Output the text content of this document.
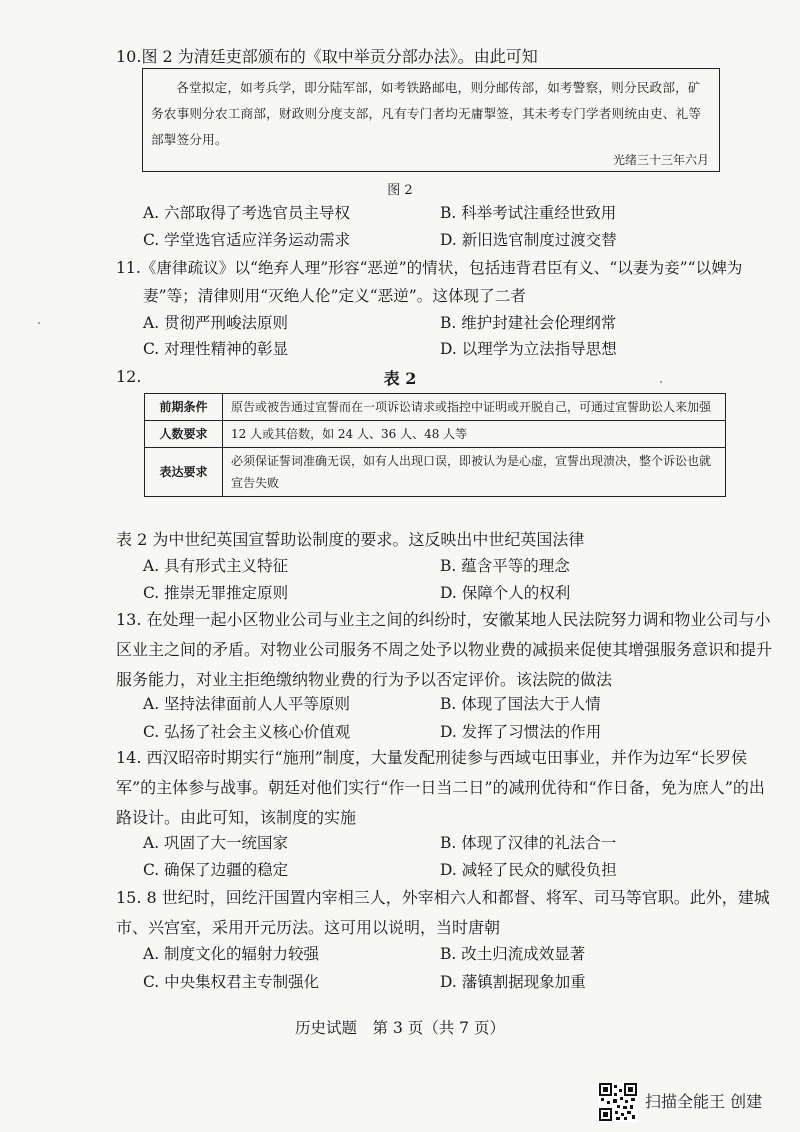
10.图 2 为清廷吏部颁布的《取中举贡分部办法》。由此可知
各堂拟定，如考兵学，即分陆军部，如考铁路邮电，则分邮传部，如考警察，则分民政部，矿务农事则分农工商部，财政则分度支部，凡有专门者均无庸掣签，其未考专门学者则统由吏、礼等部掣签分用。
光绪三十三年六月
图 2
A. 六部取得了考选官员主导权	B. 科举考试注重经世致用
C. 学堂选官适应洋务运动需求	D. 新旧选官制度过渡交替
11.《唐律疏议》以“绝弃人理”形容“恶逆”的情状，包括违背君臣有义、“以妻为妾”“以婢为
妻”等；清律则用“灭绝人伦”定义“恶逆”。这体现了二者
A. 贯彻严刑峻法原则	B. 维护封建社会伦理纲常
C. 对理性精神的彰显	D. 以理学为立法指导思想
12.	表 2
前期条件	原告或被告通过宣誓而在一项诉讼请求或指控中证明或开脱自己，可通过宣誓助讼人来加强
人数要求	12 人或其倍数，如 24 人、36 人、48 人等
表达要求	必须保证誓词准确无误，如有人出现口误，即被认为是心虚，宣誓出现溃决，整个诉讼也就宣告失败
表 2 为中世纪英国宣誓助讼制度的要求。这反映出中世纪英国法律
A. 具有形式主义特征	B. 蕴含平等的理念
C. 推崇无罪推定原则	D. 保障个人的权利
13. 在处理一起小区物业公司与业主之间的纠纷时，安徽某地人民法院努力调和物业公司与小区业主之间的矛盾。对物业公司服务不周之处予以物业费的减损来促使其增强服务意识和提升服务能力，对业主拒绝缴纳物业费的行为予以否定评价。该法院的做法
A. 坚持法律面前人人平等原则	B. 体现了国法大于人情
C. 弘扬了社会主义核心价值观	D. 发挥了习惯法的作用
14. 西汉昭帝时期实行“施刑”制度，大量发配刑徒参与西域屯田事业，并作为边军“长罗侯军”的主体参与战事。朝廷对他们实行“作一日当二日”的减刑优待和“作日备，免为庶人”的出路设计。由此可知，该制度的实施
A. 巩固了大一统国家	B. 体现了汉律的礼法合一
C. 确保了边疆的稳定	D. 减轻了民众的赋役负担
15. 8 世纪时，回纥汗国置内宰相三人，外宰相六人和都督、将军、司马等官职。此外，建城市、兴宫室，采用开元历法。这可用以说明，当时唐朝
A. 制度文化的辐射力较强	B. 改土归流成效显著
C. 中央集权君主专制强化	D. 藩镇割据现象加重
历史试题　第 3 页（共 7 页）
扫描全能王 创建
